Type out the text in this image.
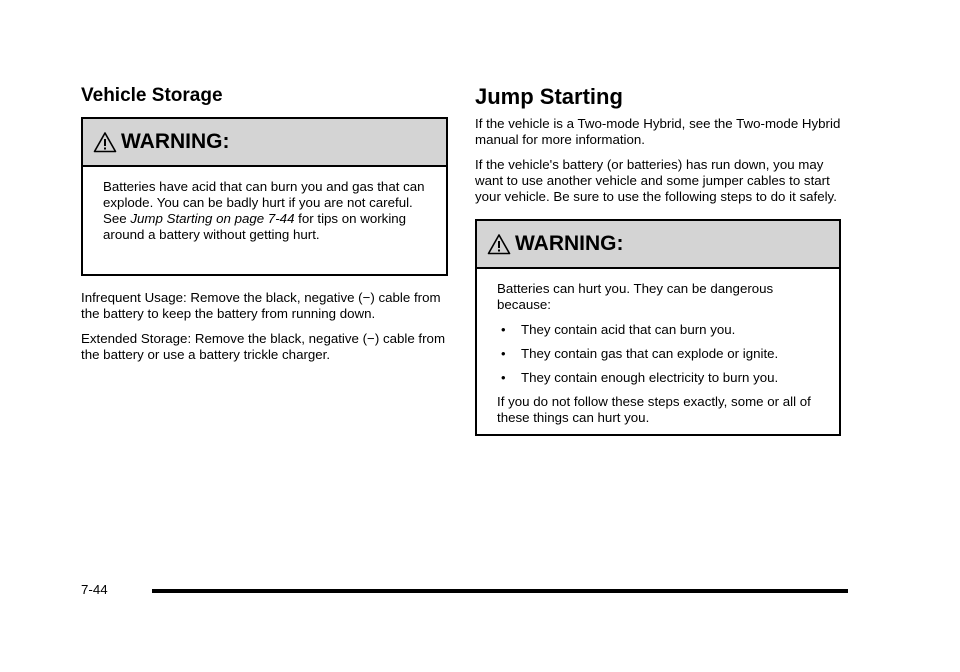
Vehicle Storage
WARNING:

Batteries have acid that can burn you and gas that can explode. You can be badly hurt if you are not careful. See Jump Starting on page 7‑44 for tips on working around a battery without getting hurt.

Infrequent Usage: Remove the black, negative (−) cable from the battery to keep the battery from running down.

Extended Storage: Remove the black, negative (−) cable from the battery or use a battery trickle charger.

Jump Starting

If the vehicle is a Two-mode Hybrid, see the Two-mode Hybrid manual for more information.

If the vehicle's battery (or batteries) has run down, you may want to use another vehicle and some jumper cables to start your vehicle. Be sure to use the following steps to do it safely.

WARNING:

Batteries can hurt you. They can be dangerous because:

• They contain acid that can burn you.
• They contain gas that can explode or ignite.
• They contain enough electricity to burn you.

If you do not follow these steps exactly, some or all of these things can hurt you.

7-44
